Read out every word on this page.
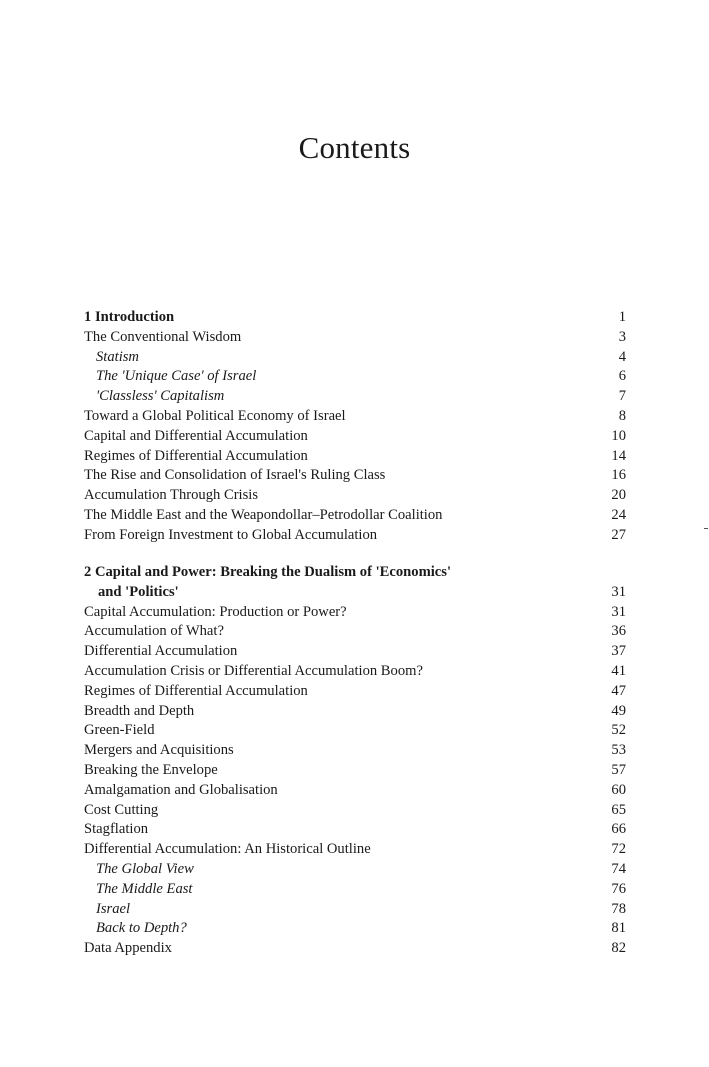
Contents
1 Introduction	1
The Conventional Wisdom	3
Statism	4
The 'Unique Case' of Israel	6
'Classless' Capitalism	7
Toward a Global Political Economy of Israel	8
Capital and Differential Accumulation	10
Regimes of Differential Accumulation	14
The Rise and Consolidation of Israel's Ruling Class	16
Accumulation Through Crisis	20
The Middle East and the Weapondollar–Petrodollar Coalition	24
From Foreign Investment to Global Accumulation	27
2 Capital and Power: Breaking the Dualism of 'Economics'
and 'Politics'	31
Capital Accumulation: Production or Power?	31
Accumulation of What?	36
Differential Accumulation	37
Accumulation Crisis or Differential Accumulation Boom?	41
Regimes of Differential Accumulation	47
Breadth and Depth	49
Green-Field	52
Mergers and Acquisitions	53
Breaking the Envelope	57
Amalgamation and Globalisation	60
Cost Cutting	65
Stagflation	66
Differential Accumulation: An Historical Outline	72
The Global View	74
The Middle East	76
Israel	78
Back to Depth?	81
Data Appendix	82
